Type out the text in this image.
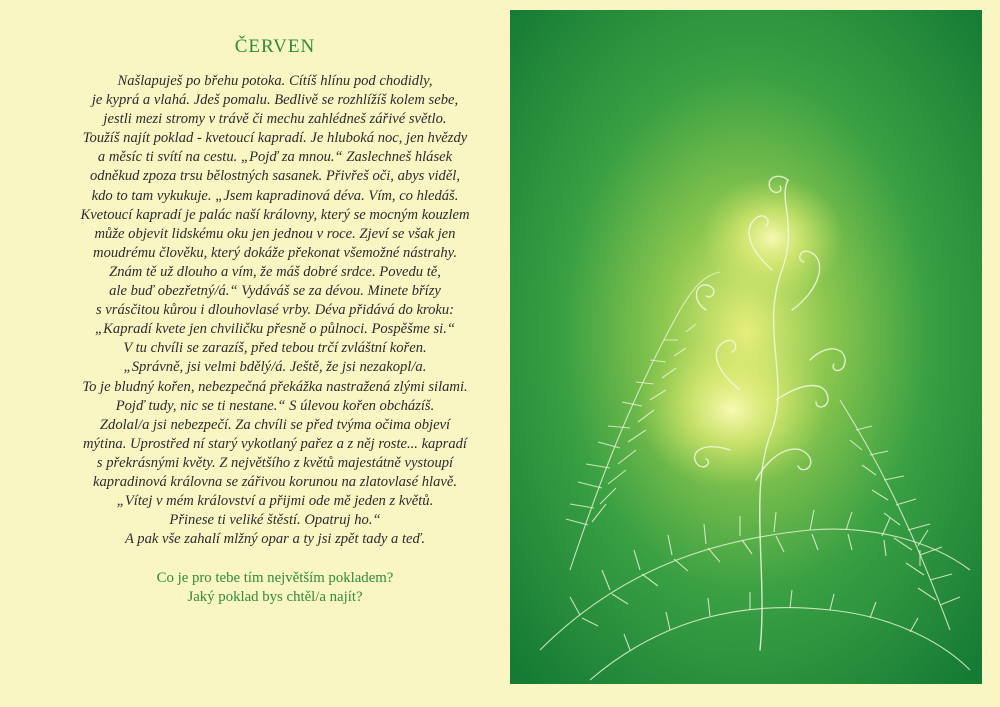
ČERVEN

Našlapuješ po břehu potoka. Cítíš hlínu pod chodidly,
je kyprá a vlahá. Jdeš pomalu. Bedlivě se rozhlížíš kolem sebe,
jestli mezi stromy v trávě či mechu zahlédneš zářivé světlo.
Toužíš najít poklad - kvetoucí kapradí. Je hluboká noc, jen hvězdy
a měsíc ti svítí na cestu. „Pojď za mnou.“ Zaslechneš hlásek
odněkud zpoza trsu bělostných sasanek. Přivřeš oči, abys viděl,
kdo to tam vykukuje. „Jsem kapradinová déva. Vím, co hledáš.
Kvetoucí kapradí je palác naší královny, který se mocným kouzlem
může objevit lidskému oku jen jednou v roce. Zjeví se však jen
moudrému člověku, který dokáže překonat všemožné nástrahy.
Znám tě už dlouho a vím, že máš dobré srdce. Povedu tě,
ale buď obezřetný/á.“ Vydáváš se za dévou. Minete břízy
s vrásčitou kůrou i dlouhovlasé vrby. Déva přidává do kroku:
„Kapradí kvete jen chviličku přesně o půlnoci. Pospěšme si.“
V tu chvíli se zarazíš, před tebou trčí zvláštní kořen.
„Správně, jsi velmi bdělý/á. Ještě, že jsi nezakopl/a.
To je bludný kořen, nebezpečná překážka nastražená zlými silami.
Pojď tudy, nic se ti nestane.“ S úlevou kořen obcházíš.
Zdolal/a jsi nebezpečí. Za chvíli se před tvýma očima objeví
mýtina. Uprostřed ní starý vykotlaný pařez a z něj roste... kapradí
s překrásnými květy. Z největšího z květů majestátně vystoupí
kapradinová královna se zářivou korunou na zlatovlasé hlavě.
„Vítej v mém království a přijmi ode mě jeden z květů.
Přinese ti veliké štěstí. Opatruj ho.“
A pak vše zahalí mlžný opar a ty jsi zpět tady a teď.

Co je pro tebe tím největším pokladem?
Jaký poklad bys chtěl/a najít?
